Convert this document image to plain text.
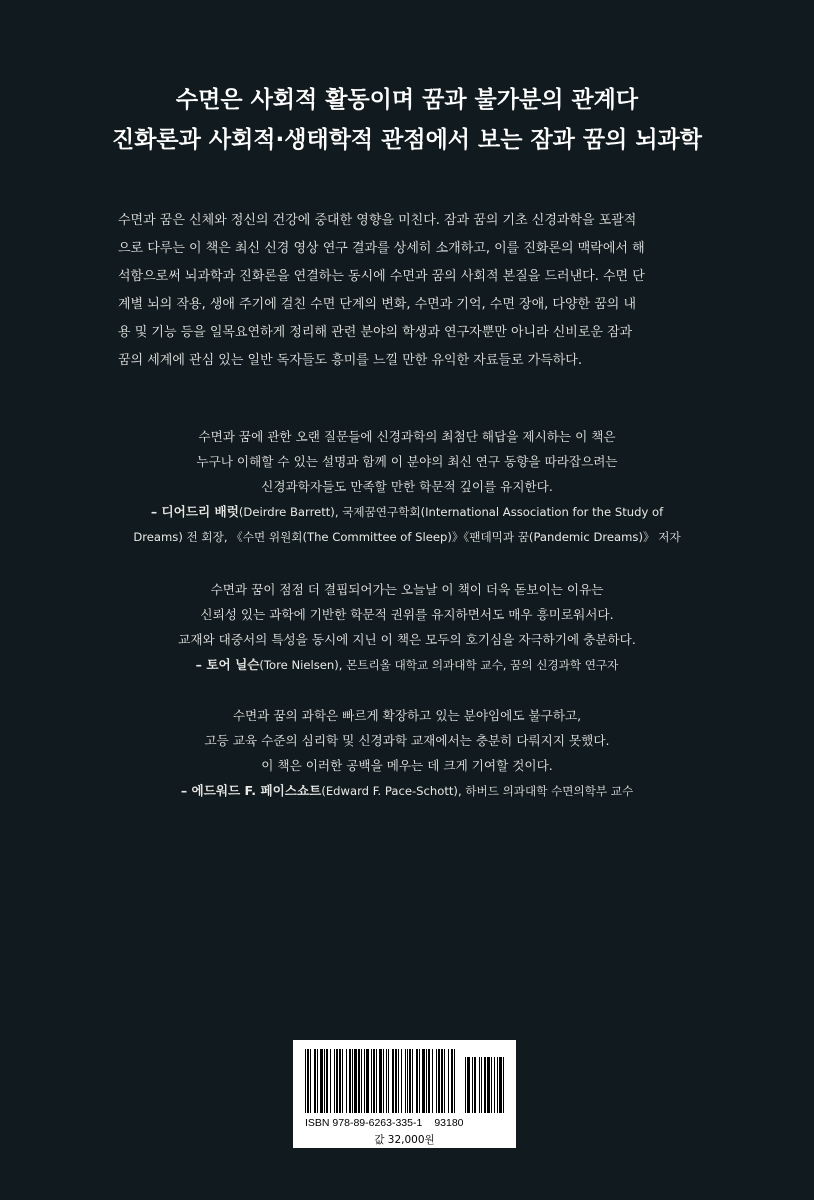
수면은 사회적 활동이며 꿈과 불가분의 관계다
진화론과 사회적·생태학적 관점에서 보는 잠과 꿈의 뇌과학

수면과 꿈은 신체와 정신의 건강에 중대한 영향을 미친다. 잠과 꿈의 기초 신경과학을 포괄적
으로 다루는 이 책은 최신 신경 영상 연구 결과를 상세히 소개하고, 이를 진화론의 맥락에서 해
석함으로써 뇌과학과 진화론을 연결하는 동시에 수면과 꿈의 사회적 본질을 드러낸다. 수면 단
계별 뇌의 작용, 생애 주기에 걸친 수면 단계의 변화, 수면과 기억, 수면 장애, 다양한 꿈의 내
용 및 기능 등을 일목요연하게 정리해 관련 분야의 학생과 연구자뿐만 아니라 신비로운 잠과
꿈의 세계에 관심 있는 일반 독자들도 흥미를 느낄 만한 유익한 자료들로 가득하다.

수면과 꿈에 관한 오랜 질문들에 신경과학의 최첨단 해답을 제시하는 이 책은
누구나 이해할 수 있는 설명과 함께 이 분야의 최신 연구 동향을 따라잡으려는
신경과학자들도 만족할 만한 학문적 깊이를 유지한다.
– 디어드리 배럿(Deirdre Barrett), 국제꿈연구학회(International Association for the Study of
Dreams) 전 회장, 《수면 위원회(The Committee of Sleep)》《팬데믹과 꿈(Pandemic Dreams)》 저자
수면과 꿈이 점점 더 결핍되어가는 오늘날 이 책이 더욱 돋보이는 이유는
신뢰성 있는 과학에 기반한 학문적 권위를 유지하면서도 매우 흥미로워서다.
교재와 대중서의 특성을 동시에 지닌 이 책은 모두의 호기심을 자극하기에 충분하다.
– 토어 닐슨(Tore Nielsen), 몬트리올 대학교 의과대학 교수, 꿈의 신경과학 연구자
수면과 꿈의 과학은 빠르게 확장하고 있는 분야임에도 불구하고,
고등 교육 수준의 심리학 및 신경과학 교재에서는 충분히 다뤄지지 못했다.
이 책은 이러한 공백을 메우는 데 크게 기여할 것이다.
– 에드워드 F. 페이스쇼트(Edward F. Pace-Schott), 하버드 의과대학 수면의학부 교수
ISBN 978-89-6263-335-1 93180
값 32,000원
